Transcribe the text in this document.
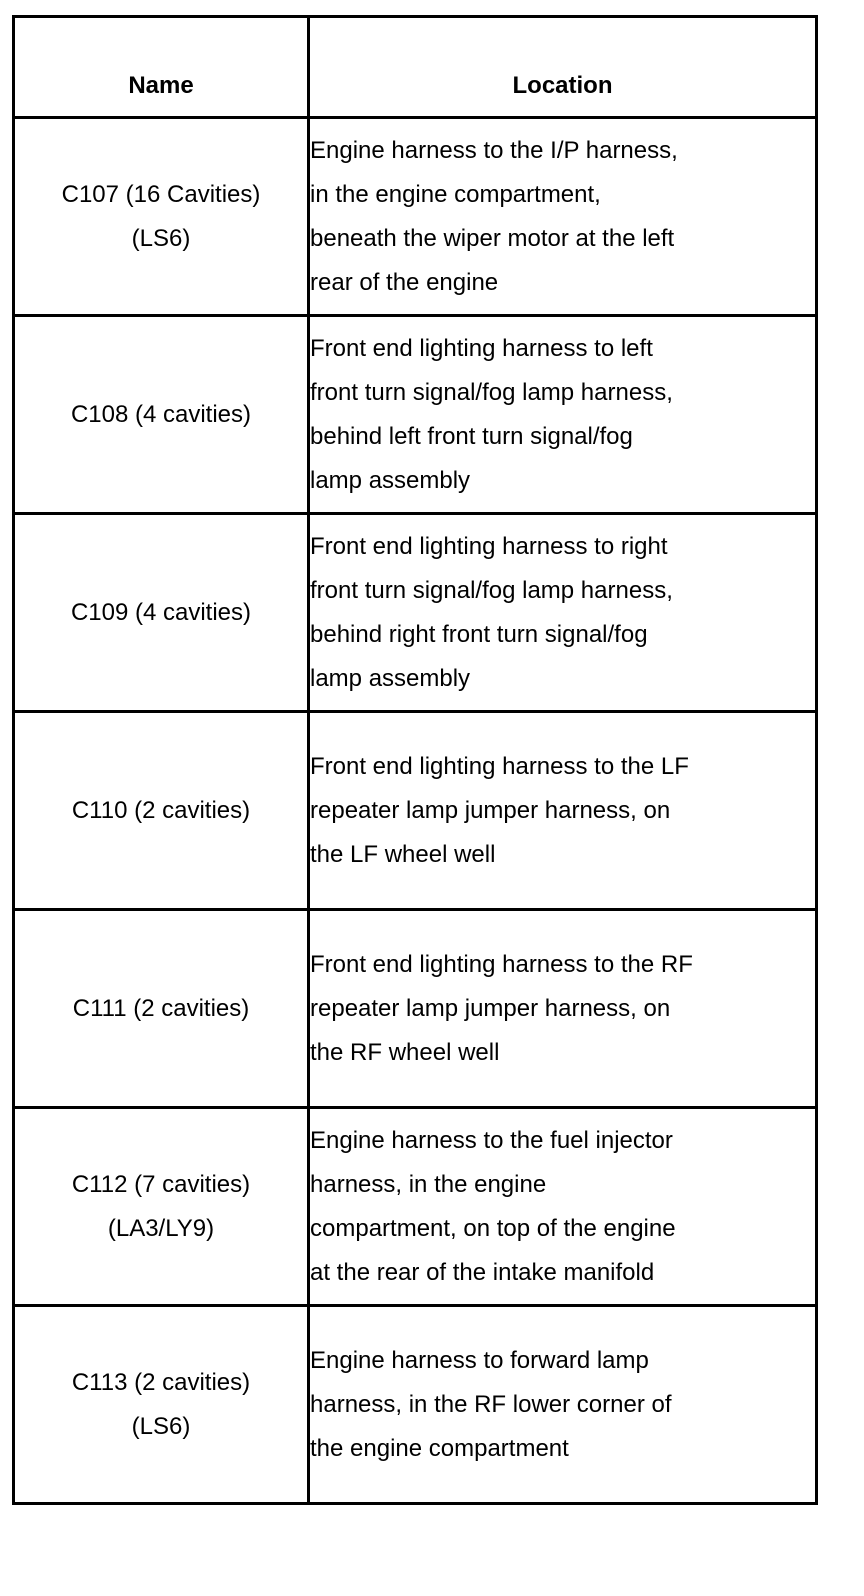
Name	Location

C107 (16 Cavities)
(LS6)	Engine harness to the I/P harness,
in the engine compartment,
beneath the wiper motor at the left
rear of the engine

C108 (4 cavities)	Front end lighting harness to left
front turn signal/fog lamp harness,
behind left front turn signal/fog
lamp assembly

C109 (4 cavities)	Front end lighting harness to right
front turn signal/fog lamp harness,
behind right front turn signal/fog
lamp assembly

C110 (2 cavities)	Front end lighting harness to the LF
repeater lamp jumper harness, on
the LF wheel well

C111 (2 cavities)	Front end lighting harness to the RF
repeater lamp jumper harness, on
the RF wheel well

C112 (7 cavities)
(LA3/LY9)	Engine harness to the fuel injector
harness, in the engine
compartment, on top of the engine
at the rear of the intake manifold

C113 (2 cavities)
(LS6)	Engine harness to forward lamp
harness, in the RF lower corner of
the engine compartment
